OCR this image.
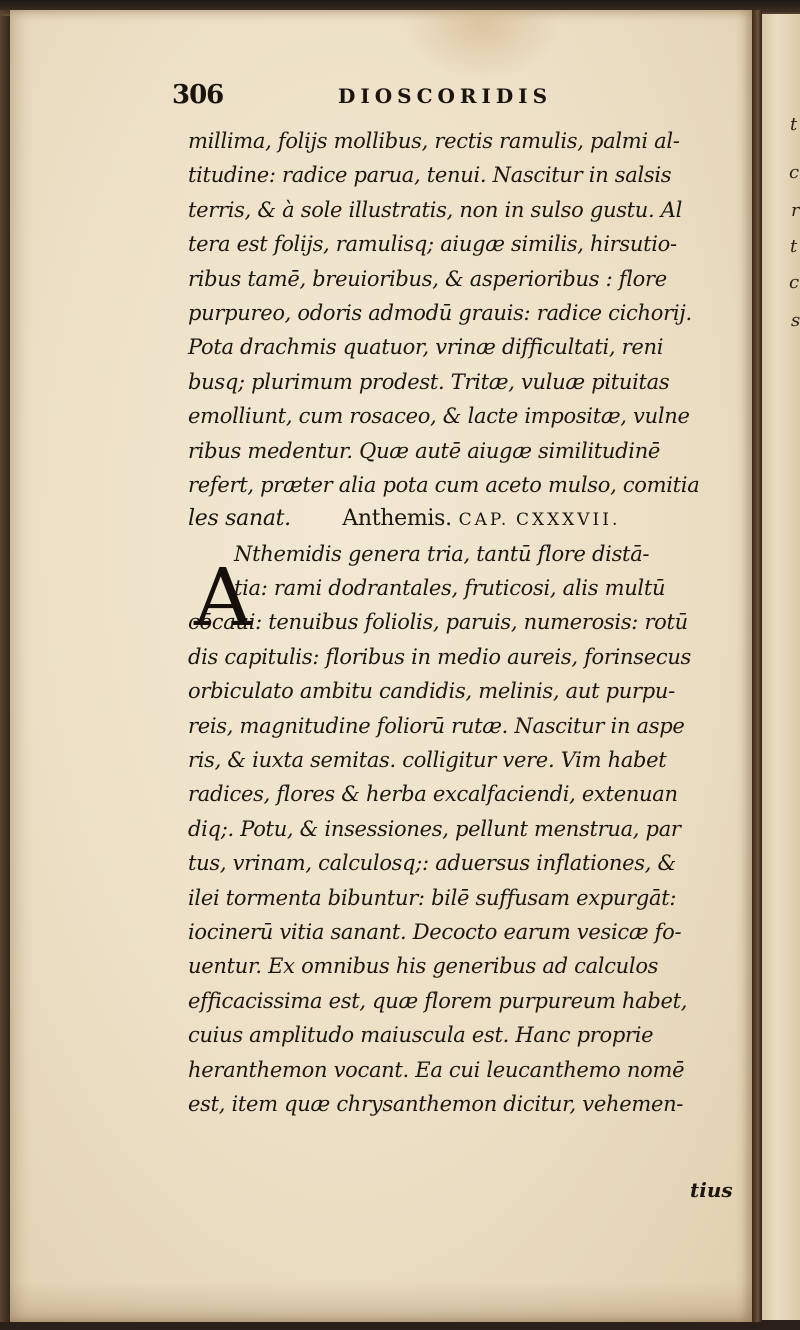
t
c
r
t
c
s
306	DIOSCORIDIS
millima, folijs mollibus, rectis ramulis, palmi al-
titudine: radice parua, tenui. Nascitur in salsis
terris, & à sole illustratis, non in sulso gustu. Al
tera est folijs, ramulisq; aiugæ similis, hirsutio-
ribus tamē, breuioribus, & asperioribus : flore
purpureo, odoris admodū grauis: radice cichorij.
Pota drachmis quatuor, vrinæ difficultati, reni
busq; plurimum prodest. Tritæ, vuluæ pituitas
emolliunt, cum rosaceo, & lacte impositæ, vulne
ribus medentur. Quæ autē aiugæ similitudinē
refert, præter alia pota cum aceto mulso, comitia
les sanat. Anthemis. CAP. CXXXVII.
Nthemidis genera tria, tantū flore distā-
tia: rami dodrantales, fruticosi, alis multū
cōcaui: tenuibus foliolis, paruis, numerosis: rotū
dis capitulis: floribus in medio aureis, forinsecus
orbiculato ambitu candidis, melinis, aut purpu-
reis, magnitudine foliorū rutæ. Nascitur in aspe
ris, & iuxta semitas. colligitur vere. Vim habet
radices, flores & herba excalfaciendi, extenuan
diq;. Potu, & insessiones, pellunt menstrua, par
tus, vrinam, calculosq;: aduersus inflationes, &
ilei tormenta bibuntur: bilē suffusam expurgāt:
iocinerū vitia sanant. Decocto earum vesicæ fo-
uentur. Ex omnibus his generibus ad calculos
efficacissima est, quæ florem purpureum habet,
cuius amplitudo maiuscula est. Hanc proprie
heranthemon vocant. Ea cui leucanthemo nomē
est, item quæ chrysanthemon dicitur, vehemen-
A
tius
